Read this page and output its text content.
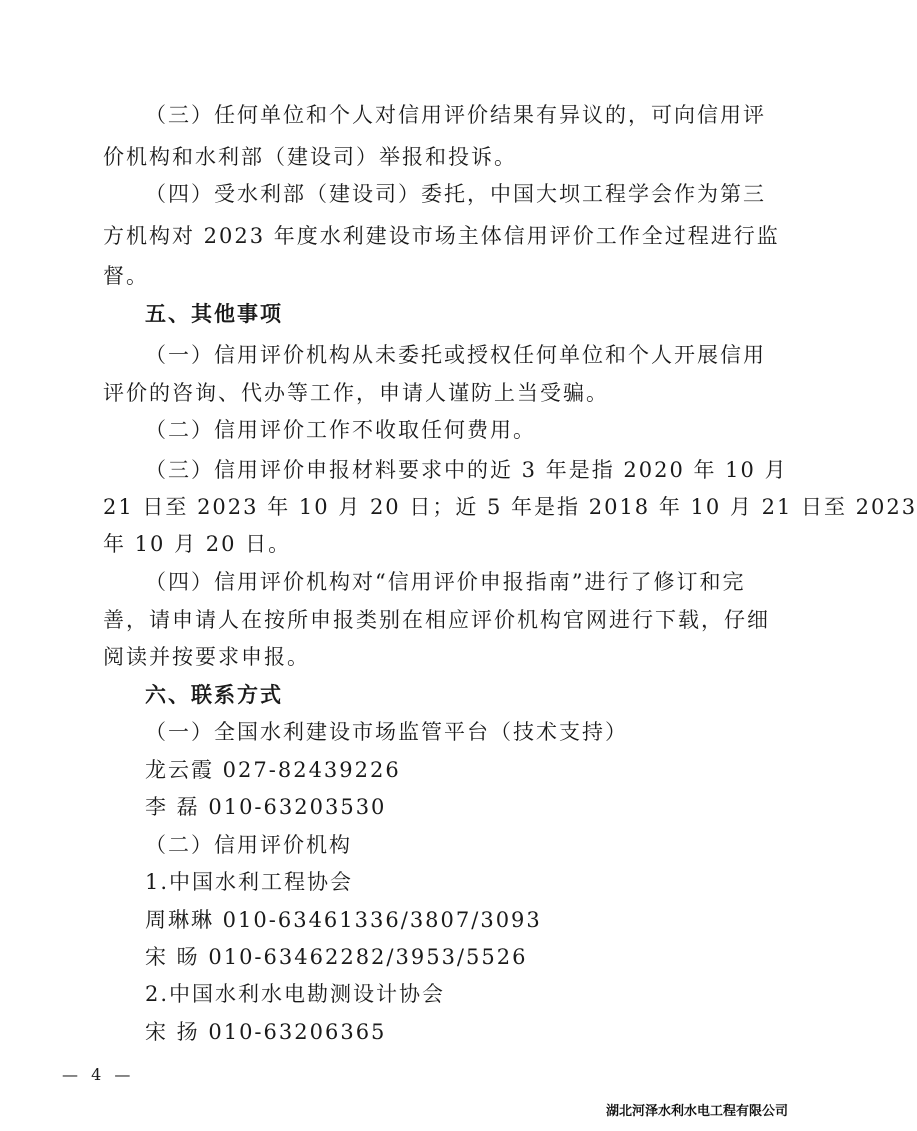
（三）任何单位和个人对信用评价结果有异议的，可向信用评
价机构和水利部（建设司）举报和投诉。
（四）受水利部（建设司）委托，中国大坝工程学会作为第三
方机构对 2023 年度水利建设市场主体信用评价工作全过程进行监
督。
五、其他事项
（一）信用评价机构从未委托或授权任何单位和个人开展信用
评价的咨询、代办等工作，申请人谨防上当受骗。
（二）信用评价工作不收取任何费用。
（三）信用评价申报材料要求中的近 3 年是指 2020 年 10 月
21 日至 2023 年 10 月 20 日；近 5 年是指 2018 年 10 月 21 日至 2023
年 10 月 20 日。
（四）信用评价机构对“信用评价申报指南”进行了修订和完
善，请申请人在按所申报类别在相应评价机构官网进行下载，仔细
阅读并按要求申报。
六、联系方式
（一）全国水利建设市场监管平台（技术支持）
龙云霞 027-82439226
李 磊 010-63203530
（二）信用评价机构
1.中国水利工程协会
周琳琳 010-63461336/3807/3093
宋 旸 010-63462282/3953/5526
2.中国水利水电勘测设计协会
宋 扬 010-63206365
— 4 —
湖北河泽水利水电工程有限公司
